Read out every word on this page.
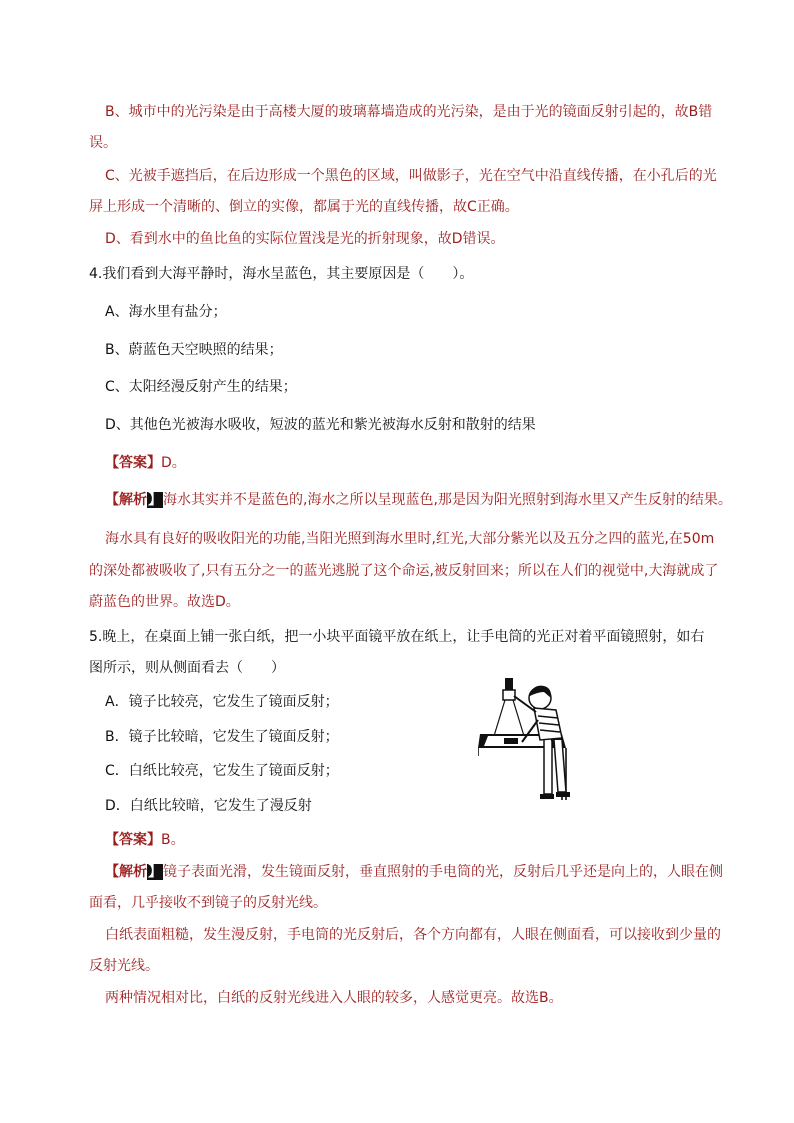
B、城市中的光污染是由于高楼大厦的玻璃幕墙造成的光污染，是由于光的镜面反射引起的，故B错
误。
C、光被手遮挡后，在后边形成一个黑色的区域，叫做影子，光在空气中沿直线传播，在小孔后的光
屏上形成一个清晰的、倒立的实像，都属于光的直线传播，故C正确。
D、看到水中的鱼比鱼的实际位置浅是光的折射现象，故D错误。
4.我们看到大海平静时，海水呈蓝色，其主要原因是（　　）。
A、海水里有盐分；
B、蔚蓝色天空映照的结果；
C、太阳经漫反射产生的结果；
D、其他色光被海水吸收，短波的蓝光和紫光被海水反射和散射的结果
【答案】D。
【解析】海水其实并不是蓝色的,海水之所以呈现蓝色,那是因为阳光照射到海水里又产生反射的结果。
海水具有良好的吸收阳光的功能,当阳光照到海水里时,红光,大部分紫光以及五分之四的蓝光,在50m
的深处都被吸收了,只有五分之一的蓝光逃脱了这个命运,被反射回来；所以在人们的视觉中,大海就成了
蔚蓝色的世界。故选D。
5.晚上，在桌面上铺一张白纸，把一小块平面镜平放在纸上，让手电筒的光正对着平面镜照射，如右
图所示，则从侧面看去（　　）
A．镜子比较亮，它发生了镜面反射；
B．镜子比较暗，它发生了镜面反射；
C．白纸比较亮，它发生了镜面反射；
D．白纸比较暗，它发生了漫反射
【答案】B。
【解析】镜子表面光滑，发生镜面反射，垂直照射的手电筒的光，反射后几乎还是向上的，人眼在侧
面看，几乎接收不到镜子的反射光线。
白纸表面粗糙，发生漫反射，手电筒的光反射后，各个方向都有，人眼在侧面看，可以接收到少量的
反射光线。
两种情况相对比，白纸的反射光线进入人眼的较多，人感觉更亮。故选B。
